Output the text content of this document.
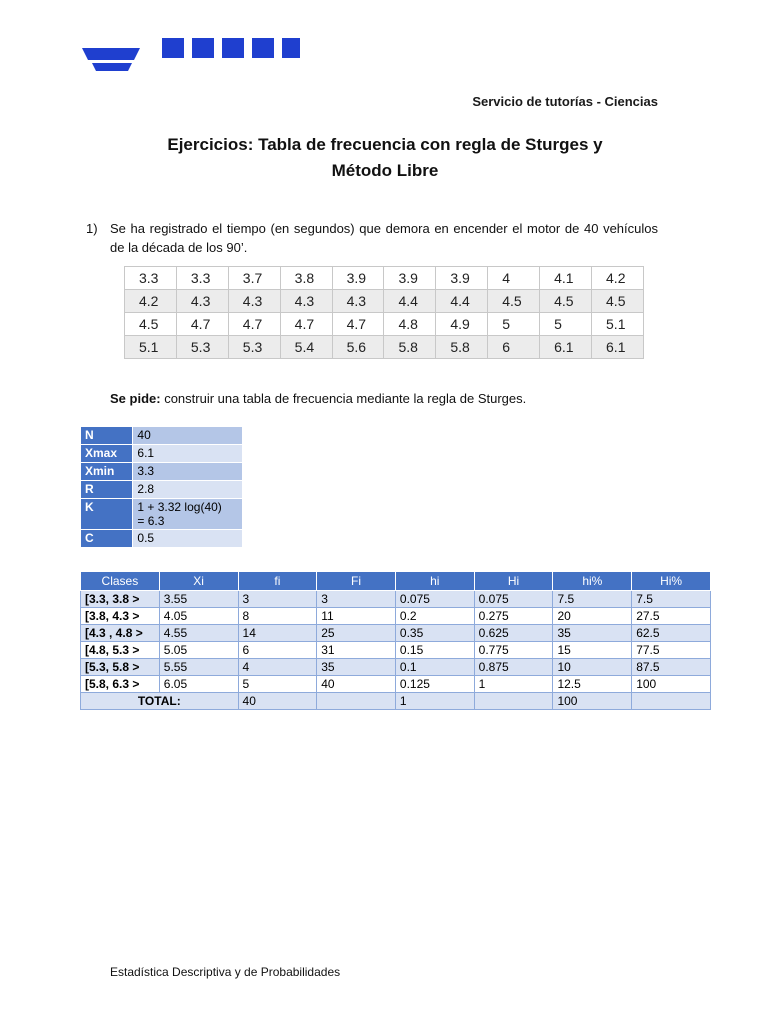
Servicio de tutorías - Ciencias
Ejercicios: Tabla de frecuencia con regla de Sturges y
Método Libre
1) Se ha registrado el tiempo (en segundos) que demora en encender el motor de 40 vehículos de la década de los 90’.
3.3	3.3	3.7	3.8	3.9	3.9	3.9	4	4.1	4.2
4.2	4.3	4.3	4.3	4.3	4.4	4.4	4.5	4.5	4.5
4.5	4.7	4.7	4.7	4.7	4.8	4.9	5	5	5.1
5.1	5.3	5.3	5.4	5.6	5.8	5.8	6	6.1	6.1
Se pide: construir una tabla de frecuencia mediante la regla de Sturges.
N	40
Xmax	6.1
Xmin	3.3
R	2.8
K	1 + 3.32 log(40)
= 6.3

C	0.5
Clases	Xi	fi	Fi	hi	Hi	hi%	Hi%
[3.3, 3.8 >	3.55	3	3	0.075	0.075	7.5	7.5
[3.8, 4.3 >	4.05	8	11	0.2	0.275	20	27.5
[4.3 , 4.8 >	4.55	14	25	0.35	0.625	35	62.5
[4.8, 5.3 >	5.05	6	31	0.15	0.775	15	77.5
[5.3, 5.8 >	5.55	4	35	0.1	0.875	10	87.5
[5.8, 6.3 >	6.05	5	40	0.125	1	12.5	100
TOTAL:		40		1		100	
Estadística Descriptiva y de Probabilidades
